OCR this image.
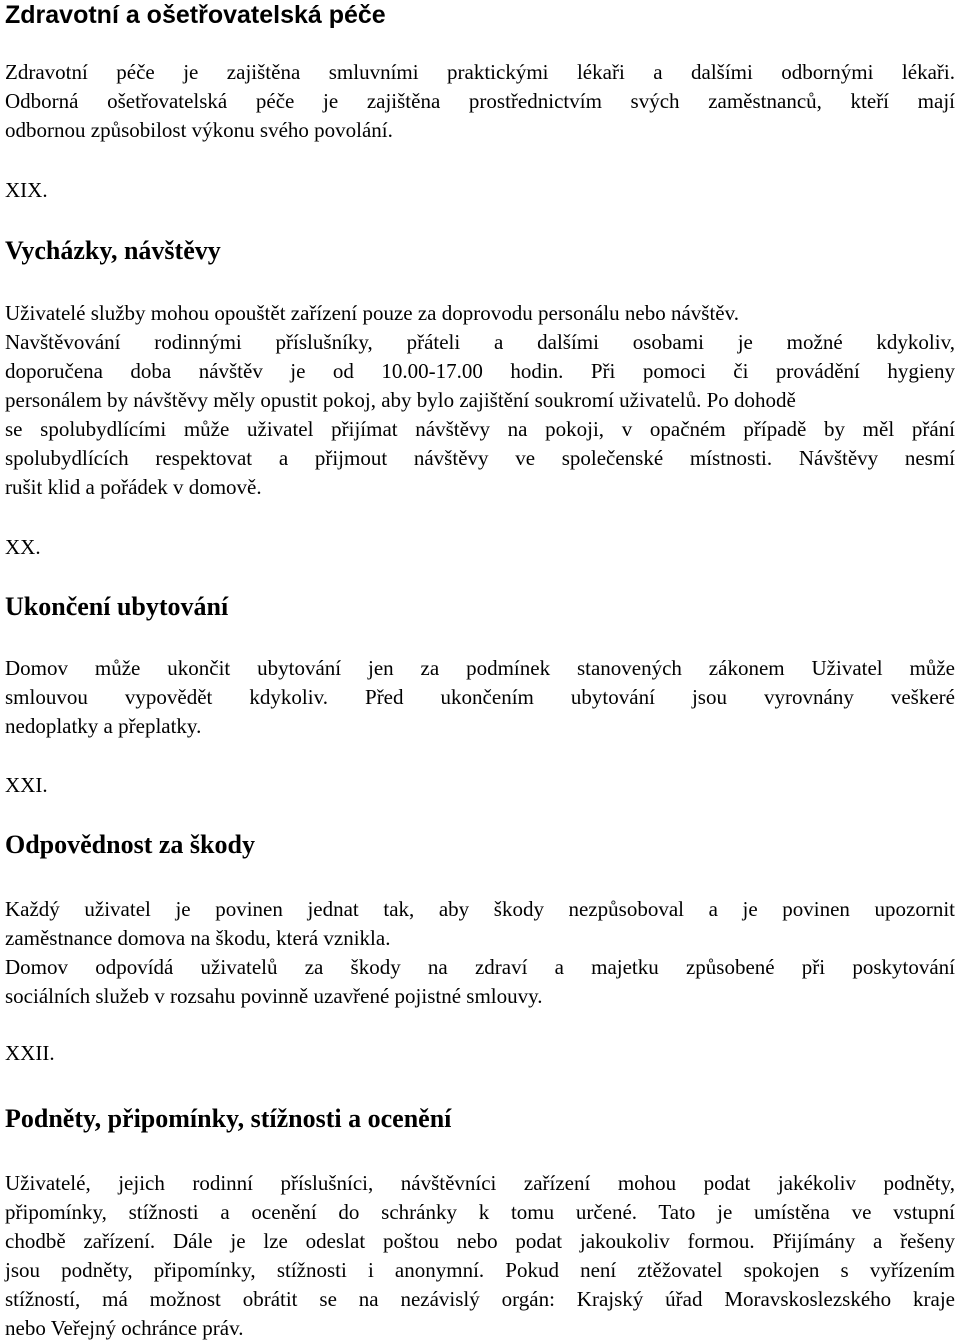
Zdravotní a ošetřovatelská péče
Zdravotní péče je zajištěna smluvními praktickými lékaři a dalšími odbornými lékaři.
Odborná ošetřovatelská péče je zajištěna prostřednictvím svých zaměstnanců, kteří mají
odbornou způsobilost výkonu svého povolání.

XIX.

Vycházky, návštěvy
Uživatelé služby mohou opouštět zařízení pouze za doprovodu personálu nebo návštěv.
Navštěvování rodinnými příslušníky, přáteli a dalšími osobami je možné kdykoliv,
doporučena doba návštěv je od 10.00-17.00 hodin. Při pomoci či provádění hygieny
personálem by návštěvy měly opustit pokoj, aby bylo zajištění soukromí uživatelů. Po dohodě
se spolubydlícími může uživatel přijímat návštěvy na pokoji, v opačném případě by měl přání
spolubydlících respektovat a přijmout návštěvy ve společenské místnosti. Návštěvy nesmí
rušit klid a pořádek v domově.

XX.

Ukončení ubytování
Domov může ukončit ubytování jen za podmínek stanovených zákonem Uživatel může
smlouvou vypovědět kdykoliv. Před ukončením ubytování jsou vyrovnány veškeré
nedoplatky a přeplatky.

XXI.

Odpovědnost za škody
Každý uživatel je povinen jednat tak, aby škody nezpůsoboval a je povinen upozornit
zaměstnance domova na škodu, která vznikla.
Domov odpovídá uživatelů za škody na zdraví a majetku způsobené při poskytování
sociálních služeb v rozsahu povinně uzavřené pojistné smlouvy.

XXII.

Podněty, připomínky, stížnosti a ocenění
Uživatelé, jejich rodinní příslušníci, návštěvníci zařízení mohou podat jakékoliv podněty,
připomínky, stížnosti a ocenění do schránky k tomu určené. Tato je umístěna ve vstupní
chodbě zařízení. Dále je lze odeslat poštou nebo podat jakoukoliv formou. Přijímány a řešeny
jsou podněty, připomínky, stížnosti i anonymní. Pokud není ztěžovatel spokojen s vyřízením
stížností, má možnost obrátit se na nezávislý orgán: Krajský úřad Moravskoslezského kraje
nebo Veřejný ochránce práv.
